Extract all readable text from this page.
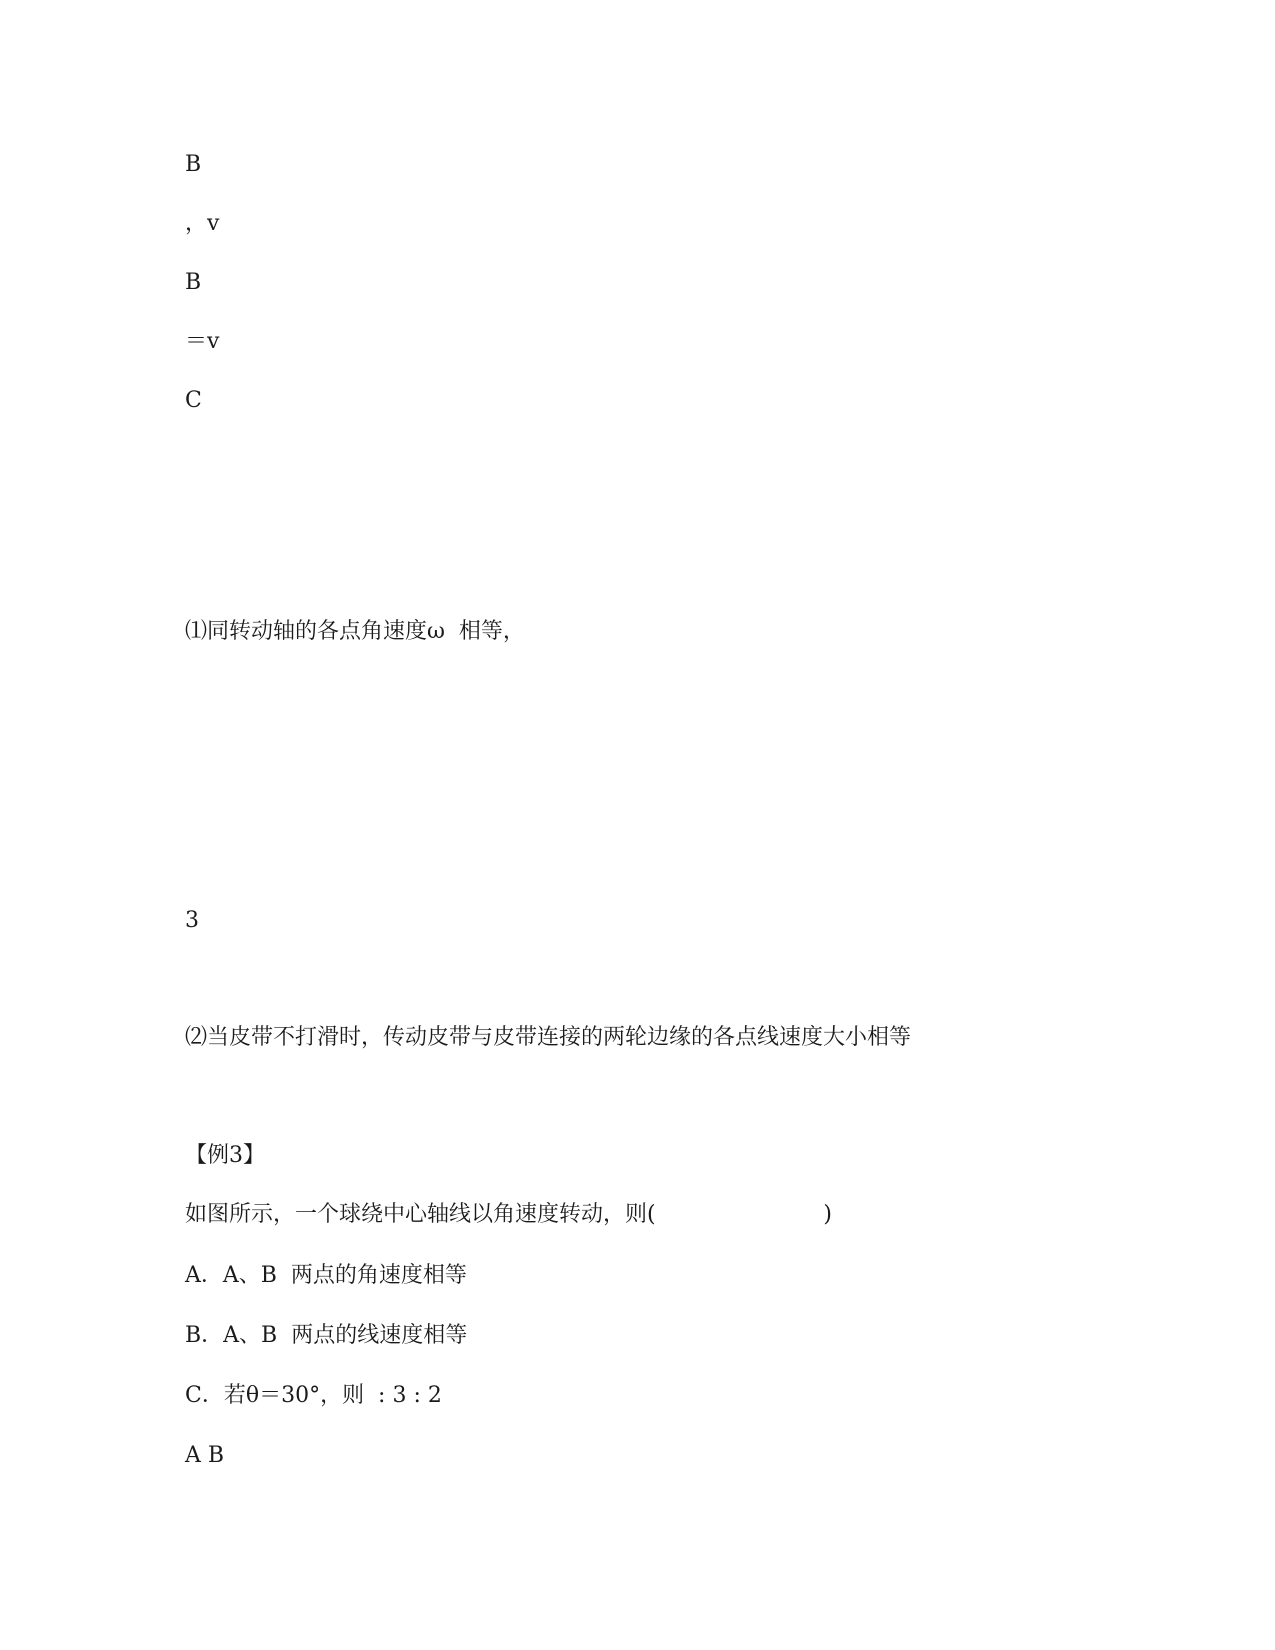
B
，v
B
＝v
C
⑴同转动轴的各点角速度ω  相等，
3
⑵当皮带不打滑时，传动皮带与皮带连接的两轮边缘的各点线速度大小相等
【例3】
如图所示，一个球绕中心轴线以角速度转动，则(                        )
A．A、B  两点的角速度相等
B．A、B  两点的线速度相等
C．若θ＝30°，则  : 3 : 2
A B
